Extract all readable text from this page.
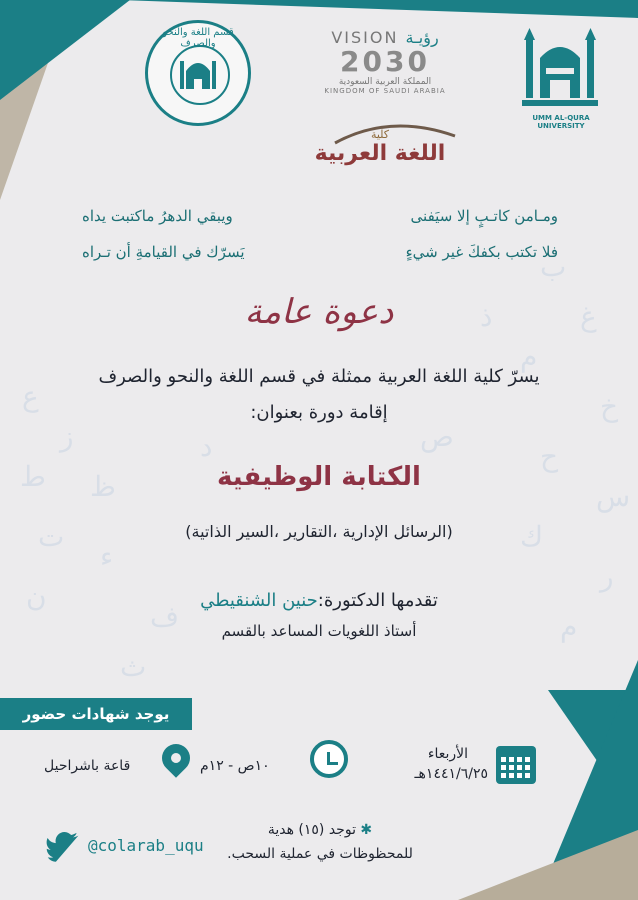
ع
ز
ط ظ
ت
ء
ن
ف
ث
ب
غ
م
خ
ح
س
ك
ر
م
ذ
د	ص
قسم اللغة والنحو والصرف	VISION رؤيـة
2030
المملكة العربية السعودية
KINGDOM OF SAUDI ARABIA
UMM AL-QURA UNIVERSITY
كلية
اللغة العربية
ومـامن كاتـبٍ إلا سيَفنى
ويبقي الدهرُ ماكتبت يداه
فلا تكتب بكفكَ غير شيءٍ
يَسرّك في القيامةِ أن تـراه
دعوة عامة
يسرّ كلية اللغة العربية ممثلة في قسم اللغة والنحو والصرف
إقامة دورة بعنوان:
الكتابة الوظيفية
(الرسائل الإدارية ،التقارير ،السير الذاتية)
تقدمها الدكتورة:حنين الشنقيطي
أستاذ اللغويات المساعد بالقسم
يوجد شهادات حضور
الأربعاء
١٤٤١/٦/٢٥هـ
١٠ص - ١٢م
قاعة باشراحيل
@colarab_uqu
✱ توجد (١٥) هدية
للمحظوظات في عملية السحب.
